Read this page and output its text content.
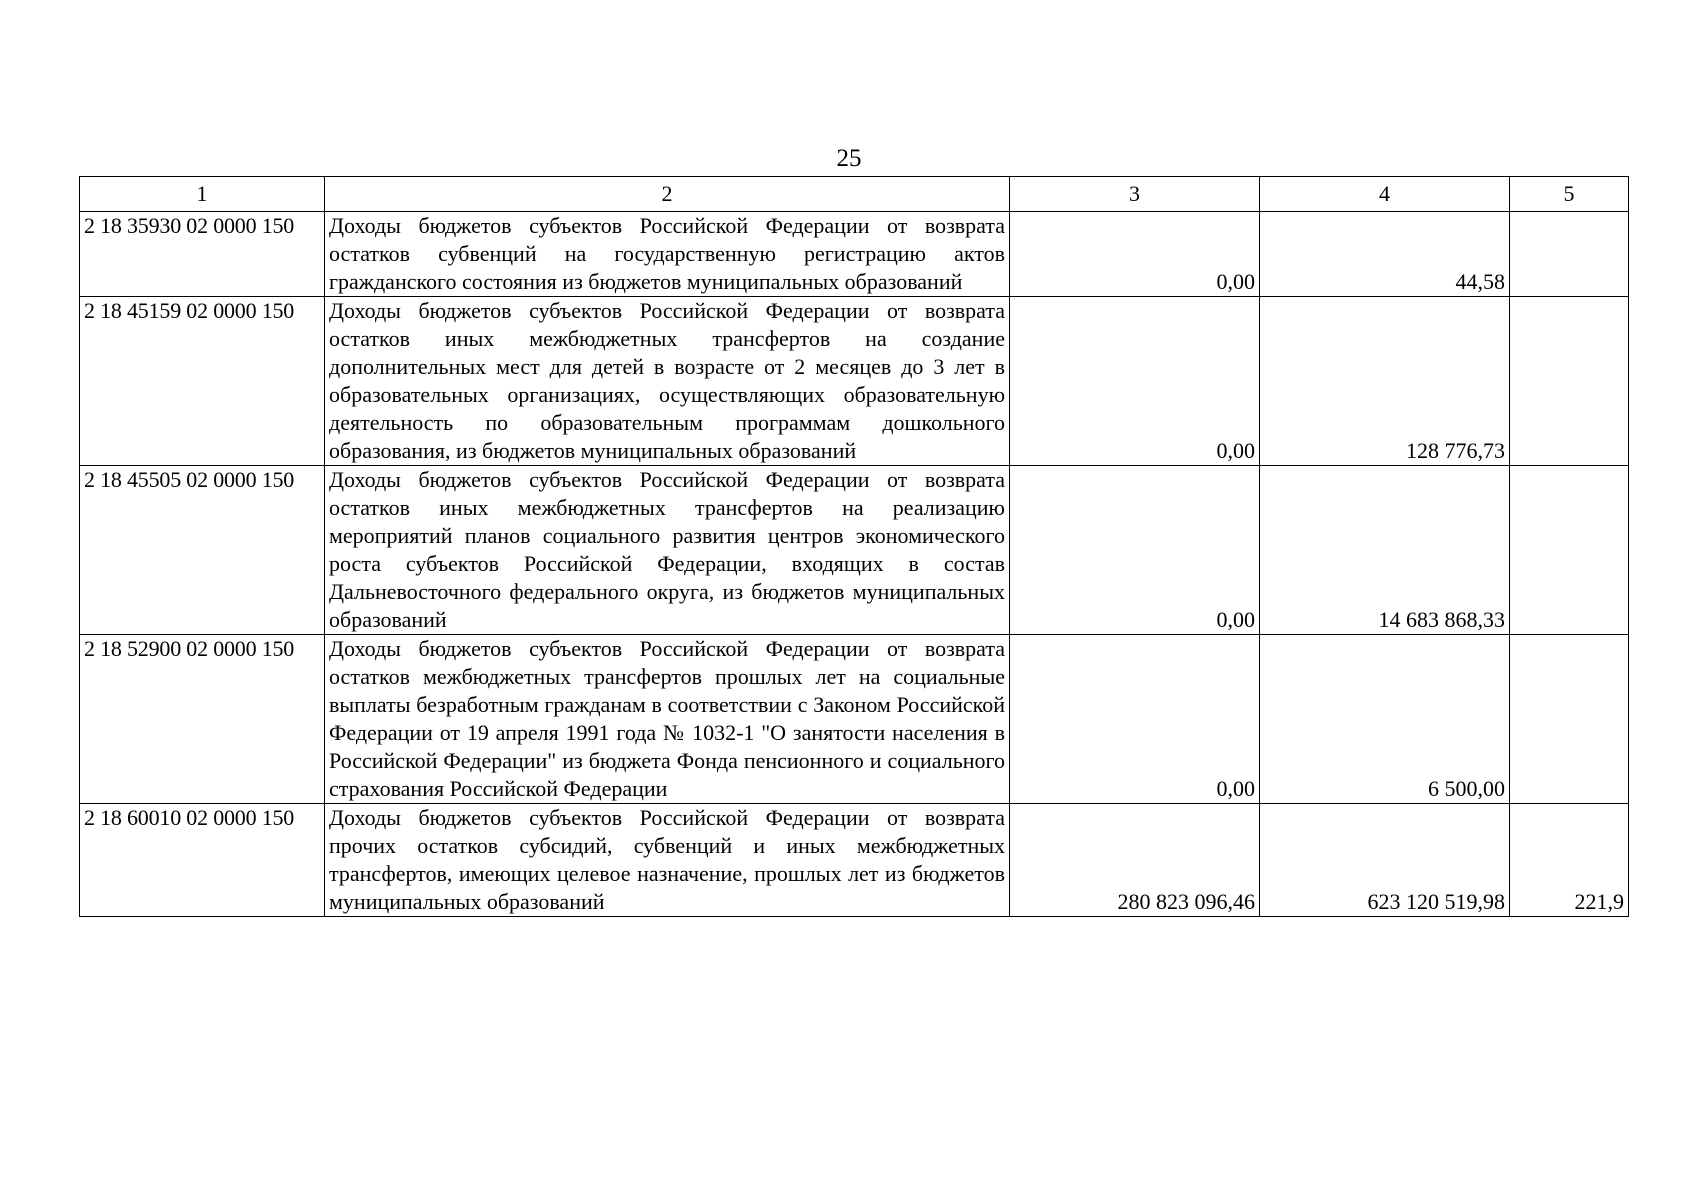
25
1	2	3	4	5
2 18 35930 02 0000 150	Доходы бюджетов субъектов Российской Федерации от возврата остатков субвенций на государственную регистрацию актов гражданского состояния из бюджетов муниципальных образований	0,00	44,58	
2 18 45159 02 0000 150	Доходы бюджетов субъектов Российской Федерации от возврата остатков иных межбюджетных трансфертов на создание дополнительных мест для детей в возрасте от 2 месяцев до 3 лет в образовательных организациях, осуществляющих образовательную деятельность по образовательным программам дошкольного образования, из бюджетов муниципальных образований	0,00	128 776,73	
2 18 45505 02 0000 150	Доходы бюджетов субъектов Российской Федерации от возврата остатков иных межбюджетных трансфертов на реализацию мероприятий планов социального развития центров экономического роста субъектов Российской Федерации, входящих в состав Дальневосточного федерального округа, из бюджетов муниципальных образований	0,00	14 683 868,33	
2 18 52900 02 0000 150	Доходы бюджетов субъектов Российской Федерации от возврата остатков межбюджетных трансфертов прошлых лет на социальные выплаты безработным гражданам в соответствии с Законом Российской Федерации от 19 апреля 1991 года № 1032-1 "О занятости населения в Российской Федерации" из бюджета Фонда пенсионного и социального страхования Российской Федерации	0,00	6 500,00	
2 18 60010 02 0000 150	Доходы бюджетов субъектов Российской Федерации от возврата прочих остатков субсидий, субвенций и иных межбюджетных трансфертов, имеющих целевое назначение, прошлых лет из бюджетов муниципальных образований	280 823 096,46	623 120 519,98	221,9
